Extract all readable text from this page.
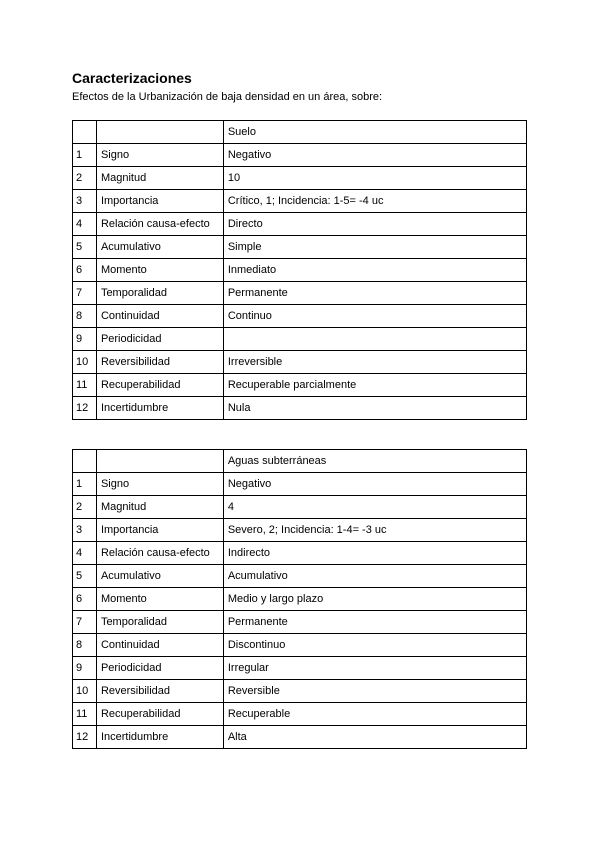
Caracterizaciones

Efectos de la Urbanización de baja densidad en un área, sobre:

		Suelo
1	Signo	Negativo
2	Magnitud	10
3	Importancia	Crítico, 1; Incidencia: 1-5= -4 uc
4	Relación causa-efecto	Directo
5	Acumulativo	Simple
6	Momento	Inmediato
7	Temporalidad	Permanente
8	Continuidad	Continuo
9	Periodicidad	
10	Reversibilidad	Irreversible
11	Recuperabilidad	Recuperable parcialmente
12	Incertidumbre	Nula
		Aguas subterráneas
1	Signo	Negativo
2	Magnitud	4
3	Importancia	Severo, 2; Incidencia: 1-4= -3 uc
4	Relación causa-efecto	Indirecto
5	Acumulativo	Acumulativo
6	Momento	Medio y largo plazo
7	Temporalidad	Permanente
8	Continuidad	Discontinuo
9	Periodicidad	Irregular
10	Reversibilidad	Reversible
11	Recuperabilidad	Recuperable
12	Incertidumbre	Alta
